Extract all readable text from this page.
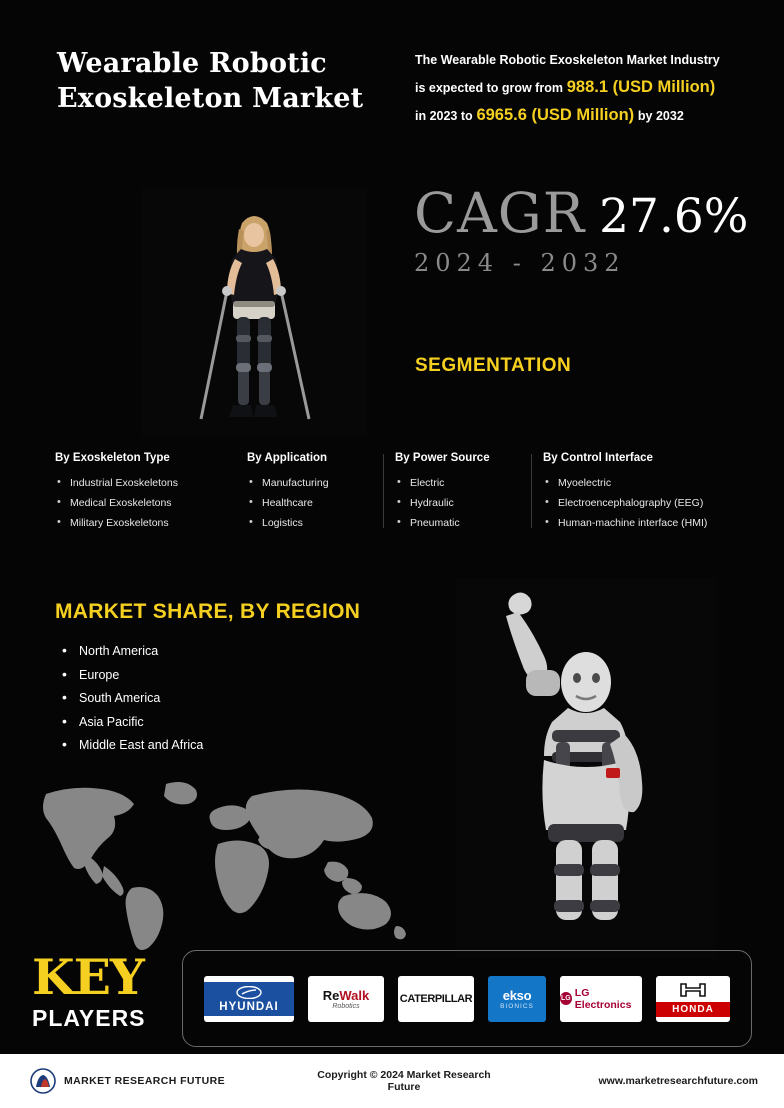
Wearable Robotic Exoskeleton Market
The Wearable Robotic Exoskeleton Market Industry is expected to grow from 988.1 (USD Million) in 2023 to 6965.6 (USD Million) by 2032
CAGR 27.6%
2024 - 2032
SEGMENTATION
By Exoskeleton Type
• Industrial Exoskeletons
• Medical Exoskeletons
• Military Exoskeletons
By Application
• Manufacturing
• Healthcare
• Logistics
By Power Source
• Electric
• Hydraulic
• Pneumatic
By Control Interface
• Myoelectric
• Electroencephalography (EEG)
• Human-machine interface (HMI)
MARKET SHARE, BY REGION
• North America
• Europe
• South America
• Asia Pacific
• Middle East and Africa
KEY
PLAYERS	HYUNDAI
ReWalk
Robotics
CATERPILLAR ekso
BIONICS
LG LG Electronics	HONDA
MARKET RESEARCH FUTURE	Copyright © 2024 Market Research Future	www.marketresearchfuture.com
